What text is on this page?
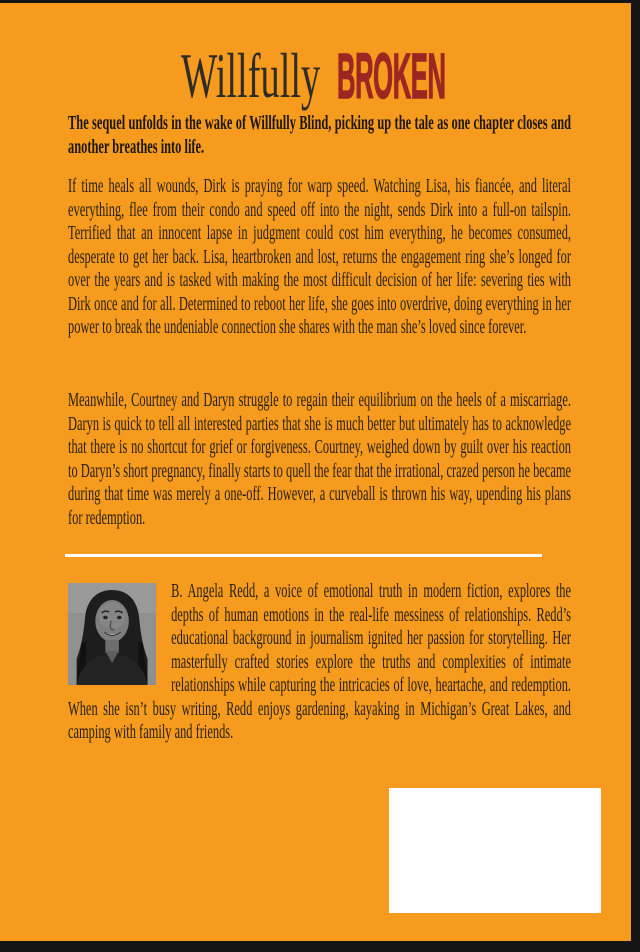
Willfully BROKEN

The sequel unfolds in the wake of Willfully Blind, picking up the tale as one chapter closes and another breathes into life.

If time heals all wounds, Dirk is praying for warp speed. Watching Lisa, his fiancée, and literal everything, flee from their condo and speed off into the night, sends Dirk into a full-on tailspin. Terrified that an innocent lapse in judgment could cost him everything, he becomes consumed, desperate to get her back. Lisa, heartbroken and lost, returns the engagement ring she’s longed for over the years and is tasked with making the most difficult decision of her life: severing ties with Dirk once and for all. Determined to reboot her life, she goes into overdrive, doing everything in her power to break the undeniable connection she shares with the man she’s loved since forever.

Meanwhile, Courtney and Daryn struggle to regain their equilibrium on the heels of a miscarriage. Daryn is quick to tell all interested parties that she is much better but ultimately has to acknowledge that there is no shortcut for grief or forgiveness. Courtney, weighed down by guilt over his reaction to Daryn’s short pregnancy, finally starts to quell the fear that the irrational, crazed person he became during that time was merely a one-off. However, a curveball is thrown his way, upending his plans for redemption.

B. Angela Redd, a voice of emotional truth in modern fiction, explores the depths of human emotions in the real-life messiness of relationships. Redd’s educational background in journalism ignited her passion for storytelling. Her masterfully crafted stories explore the truths and complexities of intimate relationships while capturing the intricacies of love, heartache, and redemption. When she isn’t busy writing, Redd enjoys gardening, kayaking in Michigan’s Great Lakes, and camping with family and friends.
